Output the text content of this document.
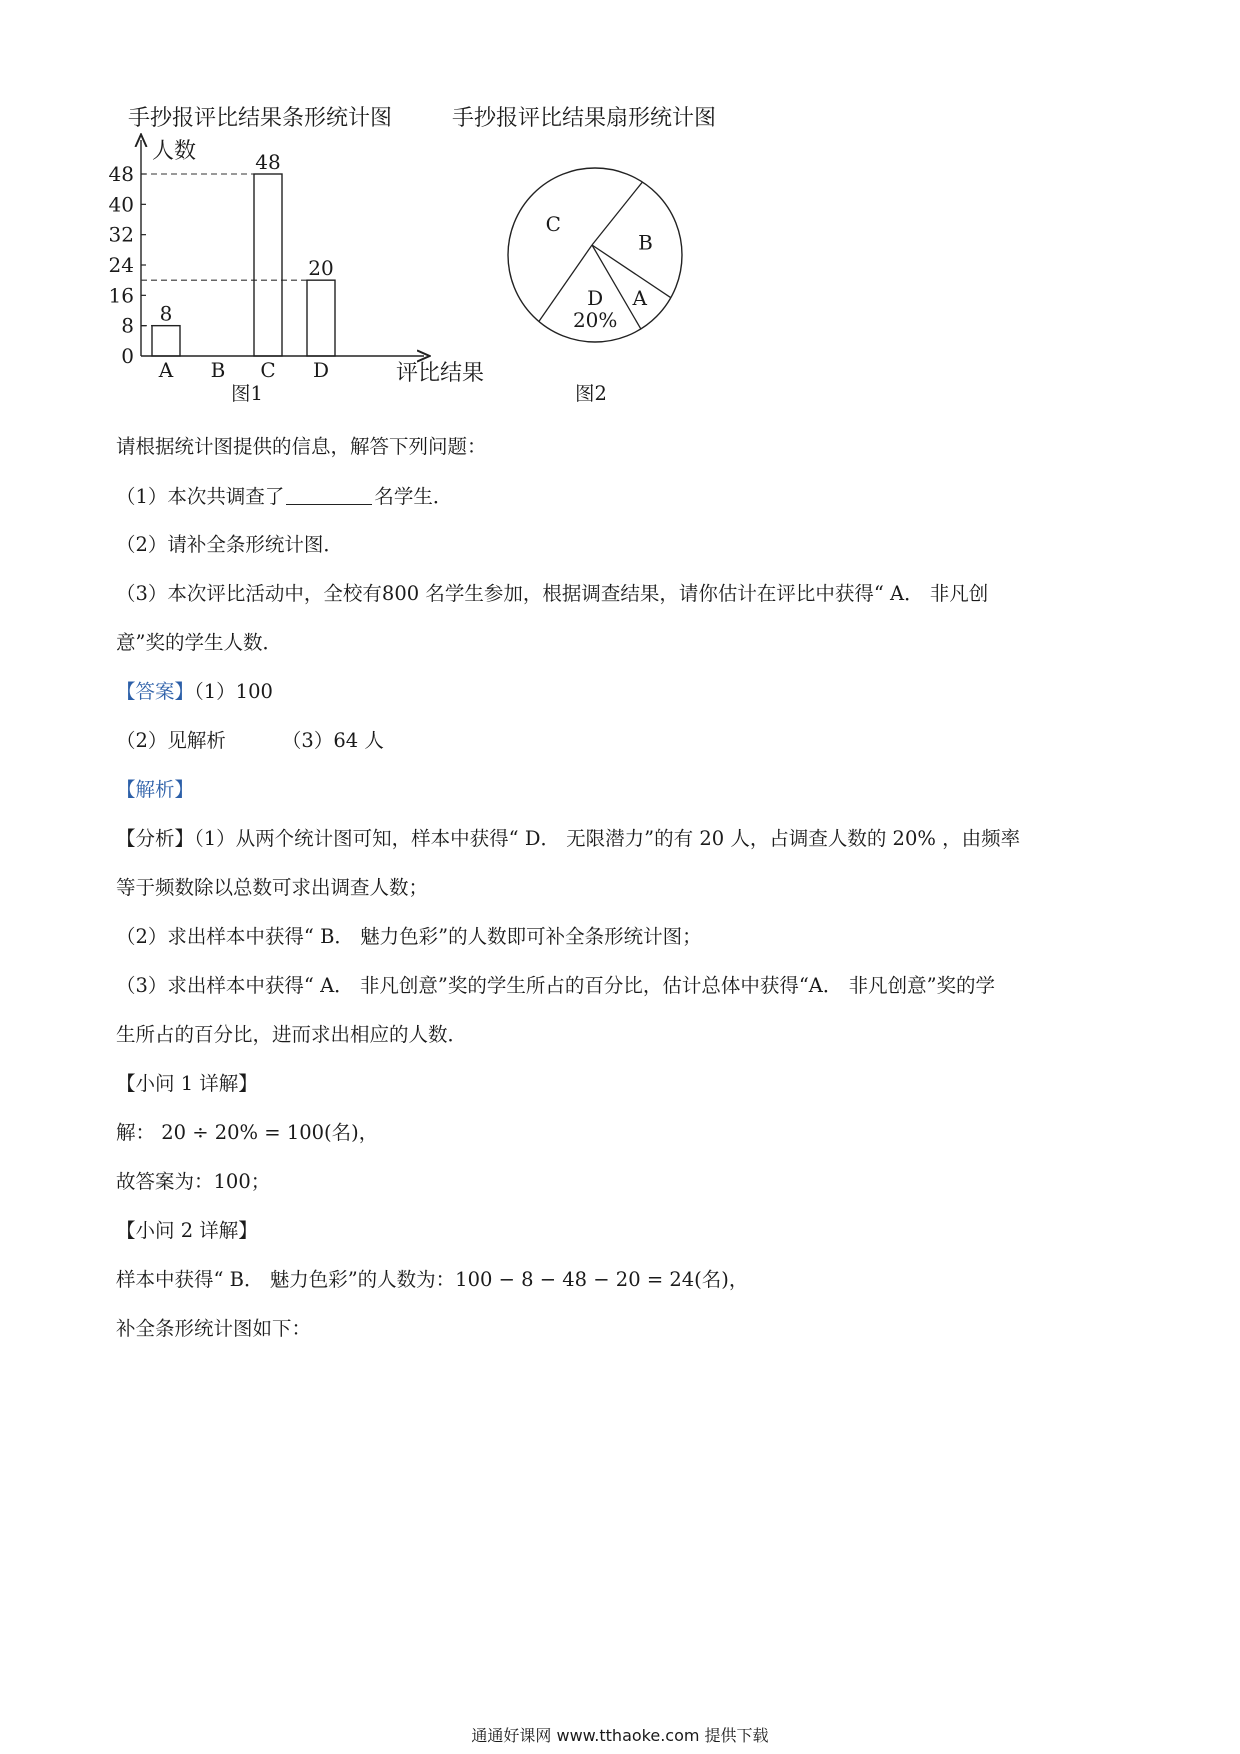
手抄报评比结果条形统计图	手抄报评比结果扇形统计图
0
8
16
24
32
40
48
8
A B
48
C
20
D
人数
评比结果
图1
B
A
D
20%
C
图2
请根据统计图提供的信息，解答下列问题：
（1）本次共调查了	名学生．
（2）请补全条形统计图．
（3）本次评比活动中，全校有800 名学生参加，根据调查结果，请你估计在评比中获得“ A． 非凡创
意”奖的学生人数．
【答案】（1）100
（2）见解析	（3）64 人
【解析】
【分析】（1）从两个统计图可知，样本中获得“ D． 无限潜力”的有 20 人，占调查人数的 20% ，由频率
等于频数除以总数可求出调查人数；
（2）求出样本中获得“ B． 魅力色彩”的人数即可补全条形统计图；
（3）求出样本中获得“ A． 非凡创意”奖的学生所占的百分比，估计总体中获得“A． 非凡创意”奖的学
生所占的百分比，进而求出相应的人数．
【小问 1 详解】
解： 20 ÷ 20% = 100(名)，
故答案为：100；
【小问 2 详解】
样本中获得“ B． 魅力色彩”的人数为：100 − 8 − 48 − 20 = 24(名)，
补全条形统计图如下：
通通好课网 www.tthaoke.com 提供下载
